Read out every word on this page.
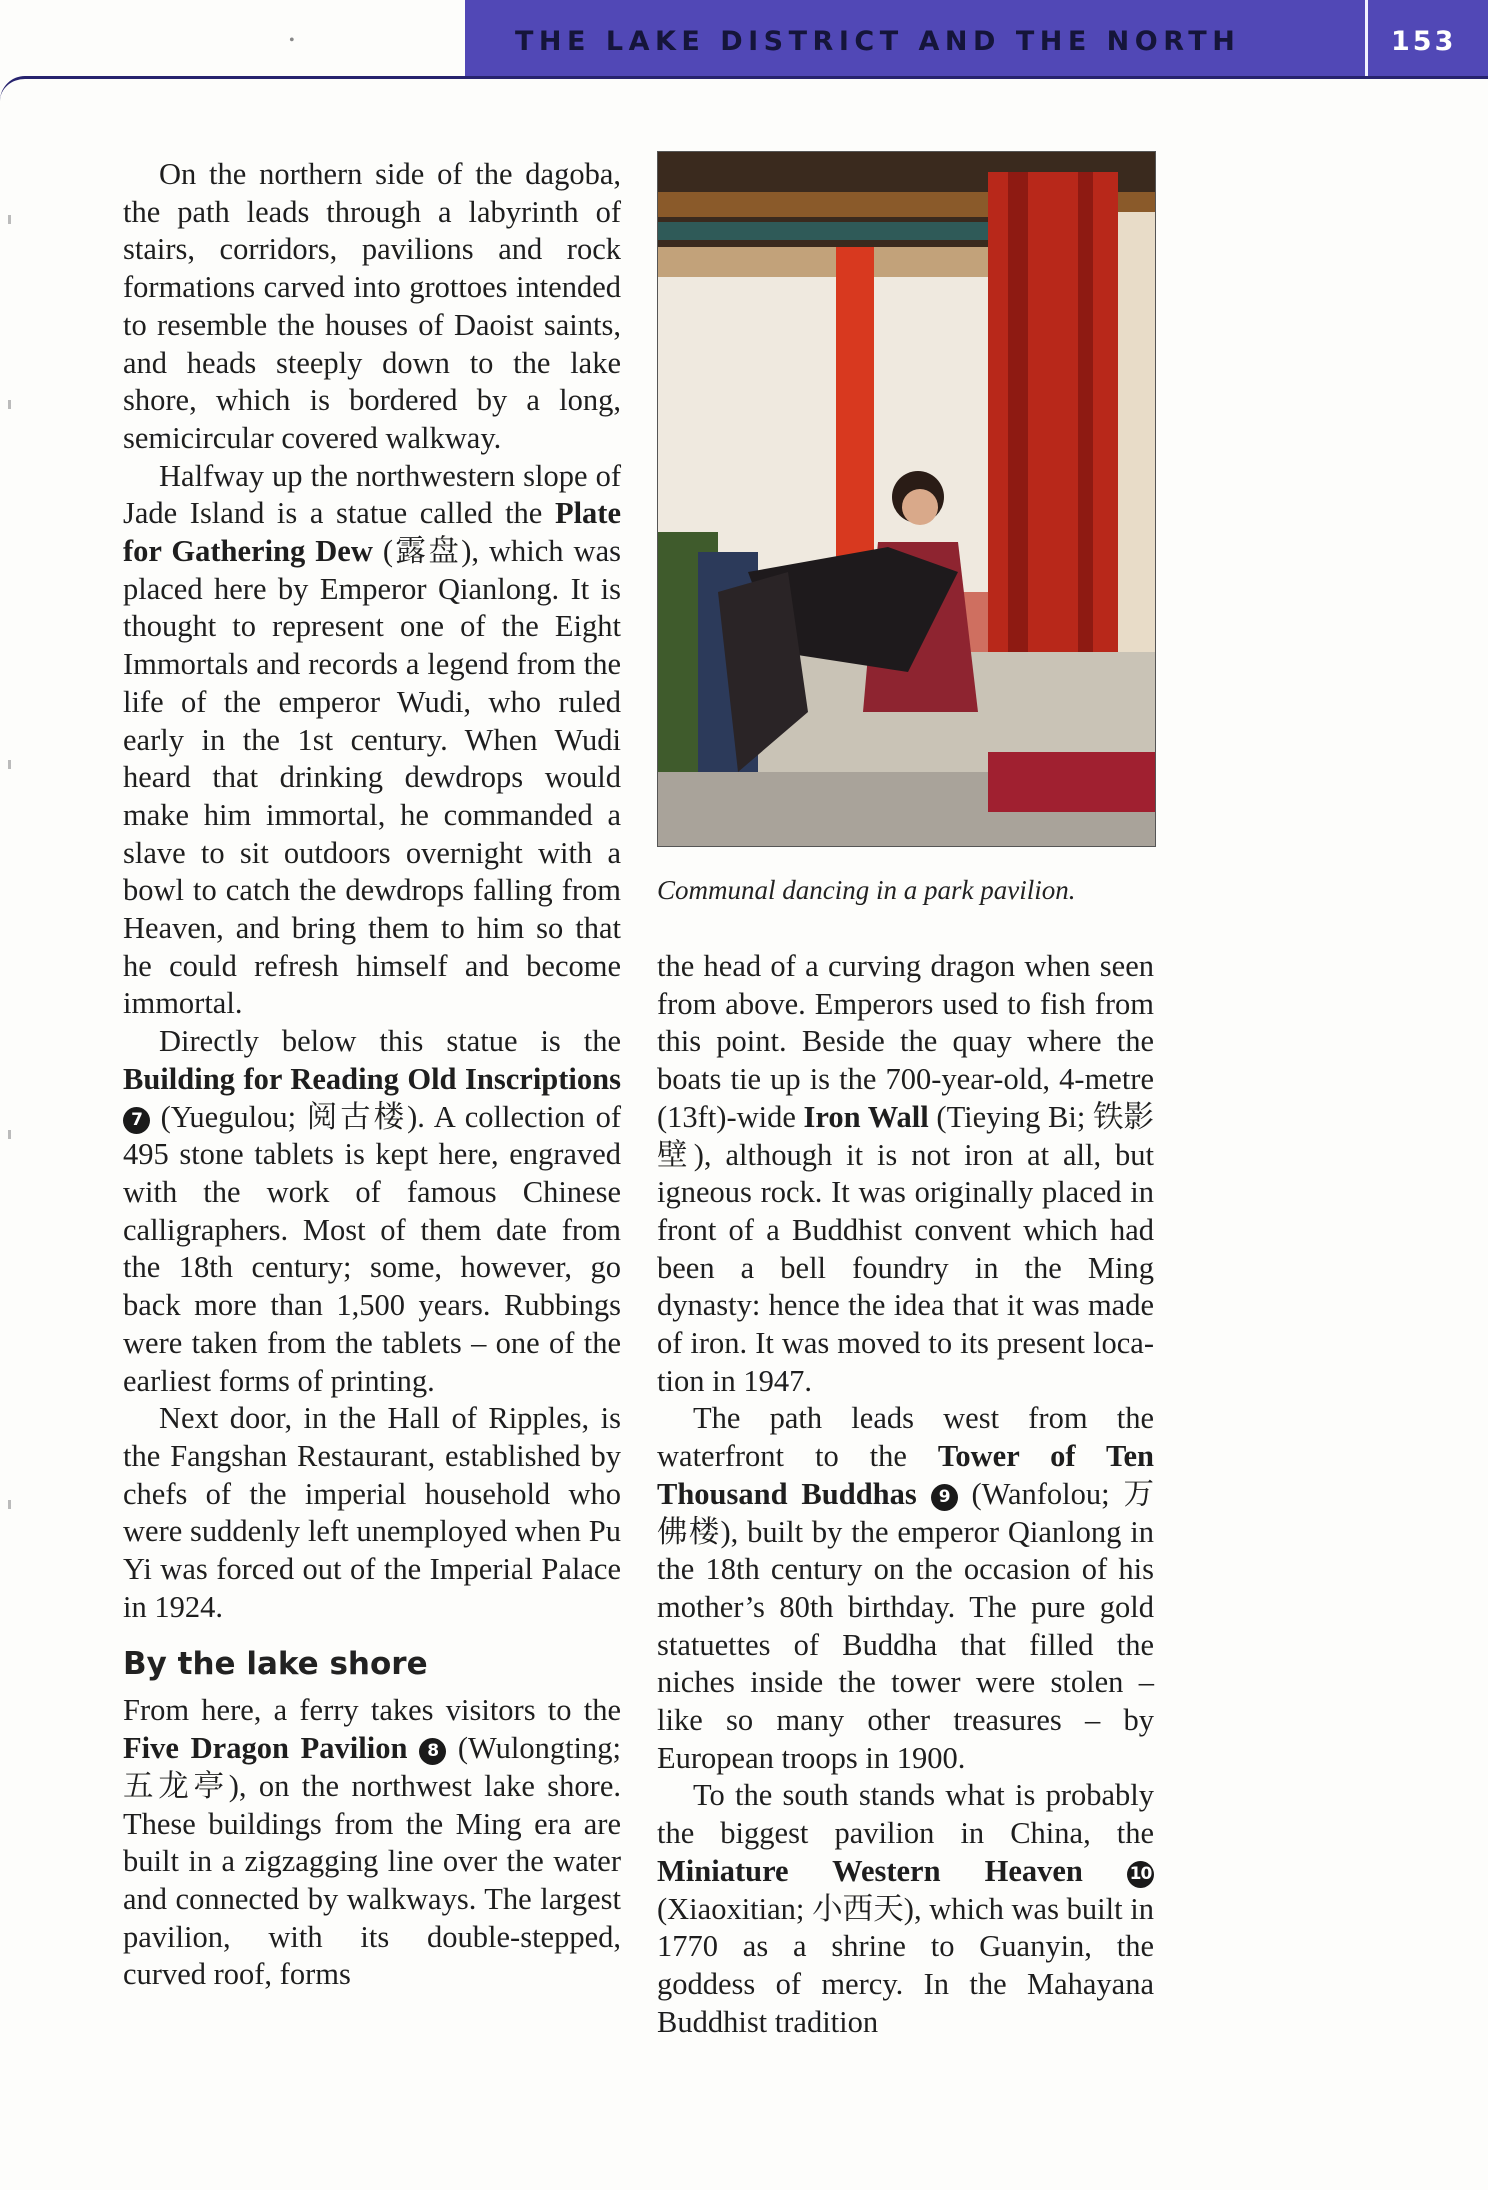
THE LAKE DISTRICT AND THE NORTH	153
•

On the northern side of the dagoba, the path leads through a labyrinth of stairs, corridors, pavilions and rock formations carved into grottoes intended to resemble the houses of Daoist saints, and heads steeply down to the lake shore, which is bordered by a long, semicircular covered walkway.

Halfway up the northwestern slope of Jade Island is a statue called the Plate for Gathering Dew (露盘), which was placed here by Emperor Qianlong. It is thought to represent one of the Eight Immortals and records a legend from the life of the emperor Wudi, who ruled early in the 1st century. When Wudi heard that drinking dewdrops would make him immortal, he commanded a slave to sit outdoors overnight with a bowl to catch the dewdrops falling from Heaven, and bring them to him so that he could refresh himself and become immortal.

Directly below this statue is the Building for Reading Old Inscriptions 7 (Yuegulou; 阅古楼). A collection of 495 stone tablets is kept here, engraved with the work of famous Chinese calligraphers. Most of them date from the 18th century; some, however, go back more than 1,500 years. Rubbings were taken from the tablets – one of the earliest forms of printing.

Next door, in the Hall of Ripples, is the Fangshan Restaurant, established by chefs of the imperial household who were suddenly left unemployed when Pu Yi was forced out of the Imperial Palace in 1924.

By the lake shore

From here, a ferry takes visitors to the Five Dragon Pavilion 8 (Wulongting; 五龙亭), on the northwest lake shore. These buildings from the Ming era are built in a zigzagging line over the water and connected by walkways. The largest pavilion, with its double-stepped, curved roof, forms

Communal dancing in a park pavilion.

the head of a curving dragon when seen from above. Emperors used to fish from this point. Beside the quay where the boats tie up is the 700-year-old, 4-metre (13ft)-wide Iron Wall (Tieying Bi; 铁影壁), although it is not iron at all, but igneous rock. It was originally placed in front of a Buddhist convent which had been a bell foundry in the Ming dynasty: hence the idea that it was made of iron. It was moved to its present location in 1947.

The path leads west from the waterfront to the Tower of Ten Thousand Buddhas 9 (Wanfolou; 万佛楼), built by the emperor Qianlong in the 18th century on the occasion of his mother’s 80th birthday. The pure gold statuettes of Buddha that filled the niches inside the tower were stolen – like so many other treasures – by European troops in 1900.

To the south stands what is probably the biggest pavilion in China, the Miniature Western Heaven	10 (Xiaoxitian; 小西天), which was built in 1770 as a shrine to Guanyin, the goddess of mercy. In the Mahayana Buddhist tradition
